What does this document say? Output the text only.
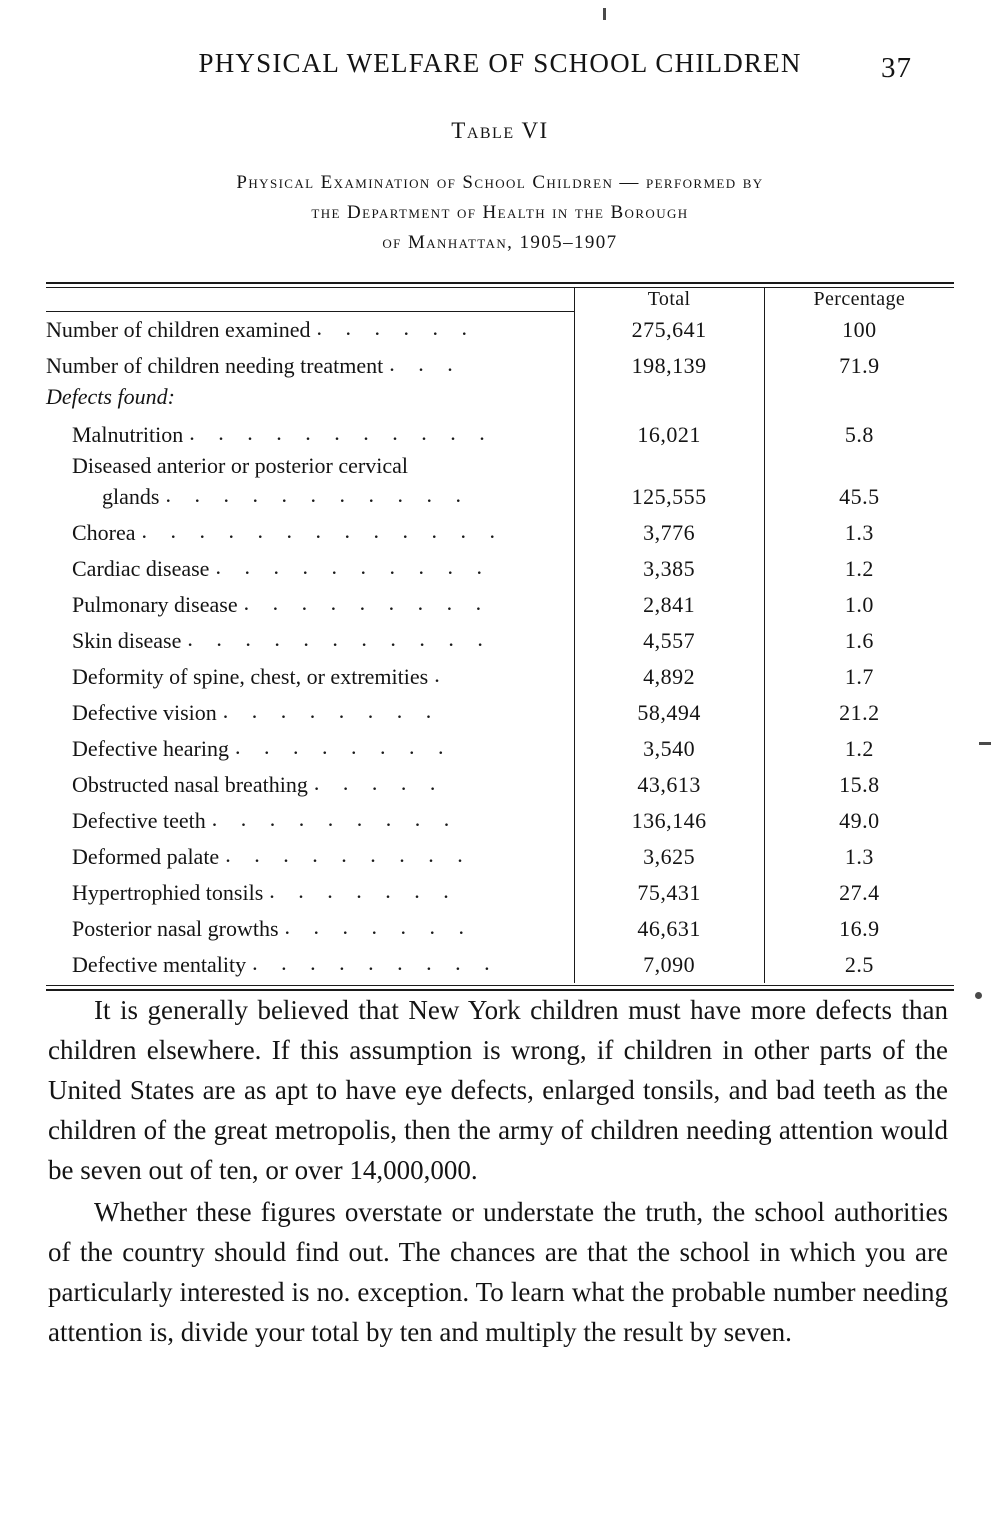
PHYSICAL WELFARE OF SCHOOL CHILDREN	37
Table VI
Physical Examination of School Children — performed by
the Department of Health in the Borough
of Manhattan, 1905–1907
	Total	Percentage

Number of children examined . . . . . .	275,641	100

Number of children needing treatment . . .	198,139	71.9
Defects found:		

Malnutrition . . . . . . . . . . .	16,021	5.8

Diseased anterior or posterior cervical		

glands . . . . . . . . . . .	125,555	45.5

Chorea . . . . . . . . . . . . .	3,776	1.3

Cardiac disease . . . . . . . . . .	3,385	1.2

Pulmonary disease . . . . . . . . .	2,841	1.0

Skin disease . . . . . . . . . . .	4,557	1.6

Deformity of spine, chest, or extremities .	4,892	1.7

Defective vision . . . . . . . .	58,494	21.2

Defective hearing . . . . . . . .	3,540	1.2

Obstructed nasal breathing . . . . .	43,613	15.8

Defective teeth . . . . . . . . .	136,146	49.0

Deformed palate . . . . . . . . .	3,625	1.3

Hypertrophied tonsils . . . . . . .	75,431	27.4

Posterior nasal growths . . . . . . .	46,631	16.9

Defective mentality . . . . . . . . .	7,090	2.5

It is generally believed that New York children must have more defects than children elsewhere. If this assumption is wrong, if children in other parts of the United States are as apt to have eye defects, enlarged tonsils, and bad teeth as the children of the great metropolis, then the army of children needing attention would be seven out of ten, or over 14,000,000.

Whether these figures overstate or understate the truth, the school authorities of the country should find out. The chances are that the school in which you are particularly interested is no. exception. To learn what the probable number needing attention is, divide your total by ten and multiply the result by seven.
